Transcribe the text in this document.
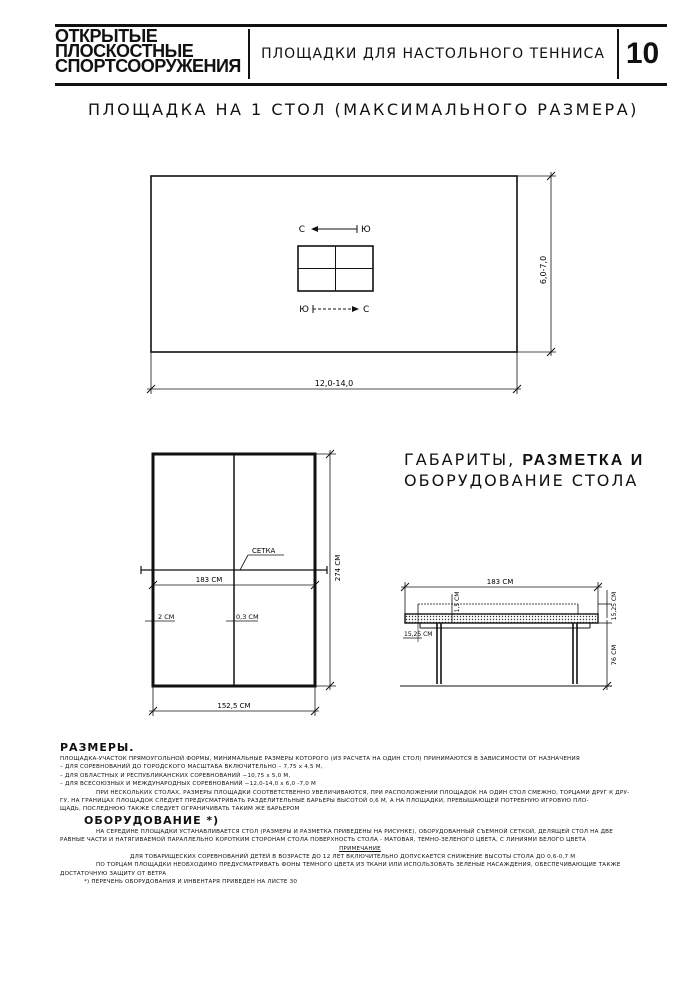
ОТКРЫТЫЕ
ПЛОСКОСТНЫЕ
СПОРТСООРУЖЕНИЯ
ПЛОЩАДКИ ДЛЯ НАСТОЛЬНОГО ТЕННИСА 10
ПЛОЩАДКА НА 1 СТОЛ (МАКСИМАЛЬНОГО РАЗМЕРА)
С	Ю
Ю	С
12,0-14,0
6,0-7,0
СЕТКА
183 СМ
2 СМ	0,3 СМ
274 СМ
152,5 СМ
ГАБАРИТЫ, РАЗМЕТКА И
ОБОРУДОВАНИЕ СТОЛА
183 СМ
1,5 СМ	15,25 СМ
15,25 СМ
76 СМ

РАЗМЕРЫ.

ПЛОЩАДКА-УЧАСТОК ПРЯМОУГОЛЬНОЙ ФОРМЫ, МИНИМАЛЬНЫЕ РАЗМЕРЫ КОТОРОГО (ИЗ РАСЧЕТА НА ОДИН СТОЛ) ПРИНИМАЮТСЯ В ЗАВИСИМОСТИ ОТ НАЗНАЧЕНИЯ

– ДЛЯ СОРЕВНОВАНИЙ ДО ГОРОДСКОГО МАСШТАБА ВКЛЮЧИТЕЛЬНО – 7,75 х 4,5 М,

– ДЛЯ ОБЛАСТНЫХ И РЕСПУБЛИКАНСКИХ СОРЕВНОВАНИЙ −10,75 х 5,0 М,

– ДЛЯ ВСЕСОЮЗНЫХ И МЕЖДУНАРОДНЫХ СОРЕВНОВАНИЙ −12,0-14,0 х 6,0 -7,0 М

ПРИ НЕСКОЛЬКИХ СТОЛАХ, РАЗМЕРЫ ПЛОЩАДКИ СООТВЕТСТВЕННО УВЕЛИЧИВАЮТСЯ, ПРИ РАСПОЛОЖЕНИИ ПЛОЩАДОК НА ОДИН СТОЛ СМЕЖНО, ТОРЦАМИ ДРУГ К ДРУ-

ГУ, НА ГРАНИЦАХ ПЛОЩАДОК СЛЕДУЕТ ПРЕДУСМАТРИВАТЬ РАЗДЕЛИТЕЛЬНЫЕ БАРЬЕРЫ ВЫСОТОЙ 0,6 М, А НА ПЛОЩАДКИ, ПРЕВЫШАЮЩЕЙ ПОТРЕБНУЮ ИГРОВУЮ ПЛО-

ЩАДЬ, ПОСЛЕДНЮЮ ТАКЖЕ СЛЕДУЕТ ОГРАНИЧИВАТЬ ТАКИМ ЖЕ БАРЬЕРОМ

ОБОРУДОВАНИЕ *)

НА СЕРЕДИНЕ ПЛОЩАДКИ УСТАНАВЛИВАЕТСЯ СТОЛ (РАЗМЕРЫ И РАЗМЕТКА ПРИВЕДЕНЫ НА РИСУНКЕ), ОБОРУДОВАННЫЙ СЪЕМНОЙ СЕТКОЙ, ДЕЛЯЩЕЙ СТОЛ НА ДВЕ

РАВНЫЕ ЧАСТИ И НАТЯГИВАЕМОЙ ПАРАЛЛЕЛЬНО КОРОТКИМ СТОРОНАМ СТОЛА ПОВЕРХНОСТЬ СТОЛА - МАТОВАЯ, ТЕМНО-ЗЕЛЕНОГО ЦВЕТА, С ЛИНИЯМИ БЕЛОГО ЦВЕТА

ПРИМЕЧАНИЕ

ДЛЯ ТОВАРИЩЕСКИХ СОРЕВНОВАНИЙ ДЕТЕЙ В ВОЗРАСТЕ ДО 12 ЛЕТ ВКЛЮЧИТЕЛЬНО ДОПУСКАЕТСЯ СНИЖЕНИЕ ВЫСОТЫ СТОЛА ДО 0,6-0,7 М

ПО ТОРЦАМ ПЛОЩАДКИ НЕОБХОДИМО ПРЕДУСМАТРИВАТЬ ФОНЫ ТЕМНОГО ЦВЕТА ИЗ ТКАНИ ИЛИ ИСПОЛЬЗОВАТЬ ЗЕЛЕНЫЕ НАСАЖДЕНИЯ, ОБЕСПЕЧИВАЮЩИЕ ТАКЖЕ

ДОСТАТОЧНУЮ ЗАЩИТУ ОТ ВЕТРА

*) ПЕРЕЧЕНЬ ОБОРУДОВАНИЯ И ИНВЕНТАРЯ ПРИВЕДЕН НА ЛИСТЕ 30
